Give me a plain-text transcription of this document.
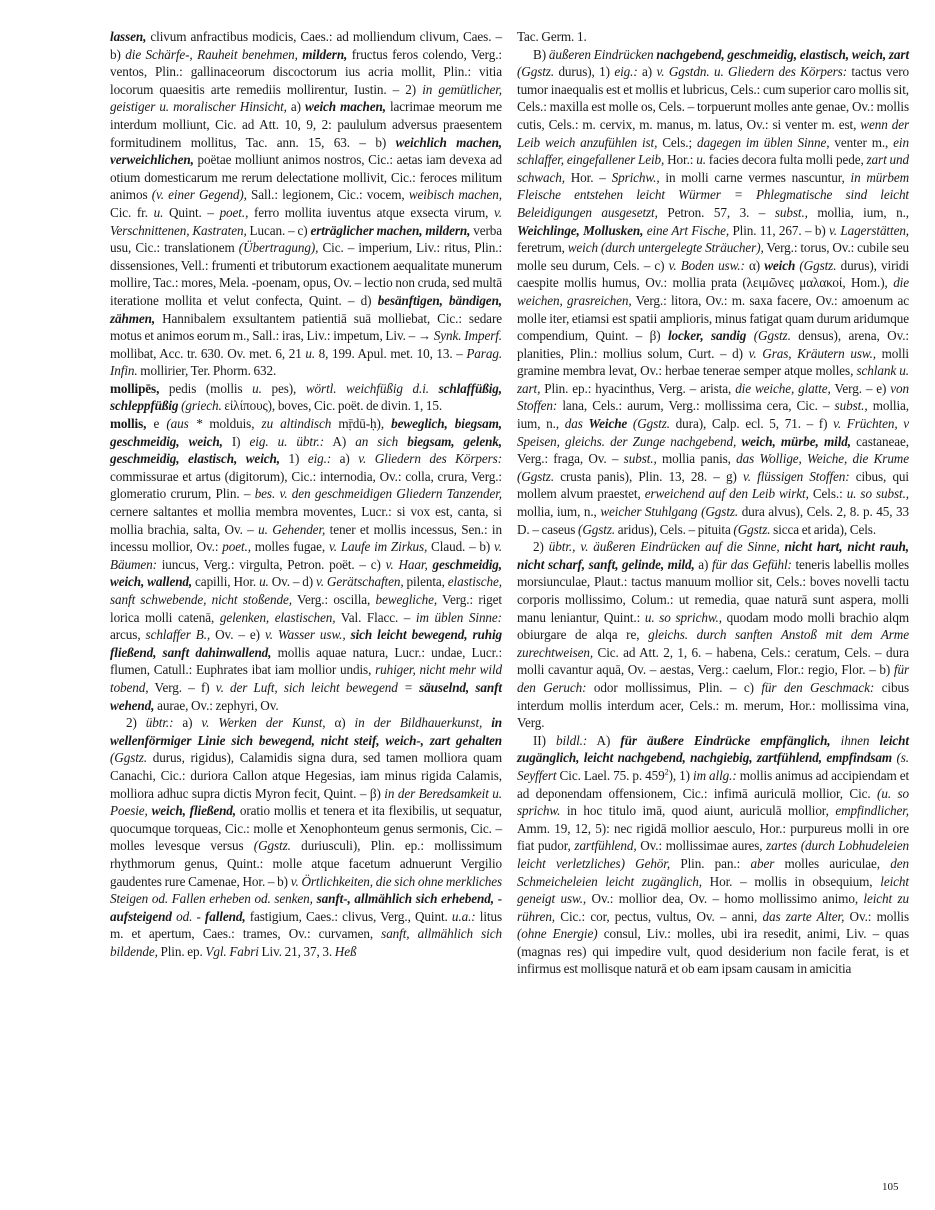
lassen, clivum anfractibus modicis, Caes.: ad molliendum clivum, Caes. – b) die Schärfe-, Rauheit benehmen, mildern, fructus feros colendo, Verg.: ventos, Plin.: gallinaceorum discoctorum ius acria mollit, Plin.: vitia locorum quaesitis arte remediis mollirentur, Iustin. – 2) in gemütlicher, geistiger u. moralischer Hinsicht, a) weich machen, lacrimae meorum me interdum molliunt, Cic. ad Att. 10, 9, 2: paululum adversus praesentem formitudinem mollitus, Tac. ann. 15, 63. – b) weichlich machen, verweichlichen, poëtae molliunt animos nostros, Cic.: aetas iam devexa ad otium domesticarum me rerum delectatione mollivit, Cic.: feroces militum animos (v. einer Gegend), Sall.: legionem, Cic.: vocem, weibisch machen, Cic. fr. u. Quint. – poet., ferro mollita iuventus atque exsecta virum, v. Verschnittenen, Kastraten, Lucan. – c) erträglicher machen, mildern, verba usu, Cic.: translationem (Übertragung), Cic. – imperium, Liv.: ritus, Plin.: dissensiones, Vell.: frumenti et tributorum exactionem aequalitate munerum mollire, Tac.: mores, Mela. -poenam, opus, Ov. – lectio non cruda, sed multā iteratione mollita et velut confecta, Quint. – d) besänftigen, bändigen, zähmen, Hannibalem exsultantem patientiā suā molliebat, Cic.: sedare motus et animos eorum m., Sall.: iras, Liv.: impetum, Liv. – → Synk. Imperf. mollibat, Acc. tr. 630. Ov. met. 6, 21 u. 8, 199. Apul. met. 10, 13. – Parag. Infin. mollirier, Ter. Phorm. 632.

mollipēs, pedis (mollis u. pes), wörtl. weichfüßig d.i. schlaffüßig, schleppfüßig (griech. εἰλίπους), boves, Cic. poët. de divin. 1, 15.

mollis, e (aus * molduis, zu altindisch mṝdū-ḥ), beweglich, biegsam, geschmeidig, weich, I) eig. u. übtr.: A) an sich biegsam, gelenk, geschmeidig, elastisch, weich, 1) eig.: a) v. Gliedern des Körpers: commissurae et artus (digitorum), Cic.: internodia, Ov.: colla, crura, Verg.: glomeratio crurum, Plin. – bes. v. den geschmeidigen Gliedern Tanzender, cernere saltantes et mollia membra moventes, Lucr.: si vox est, canta, si mollia brachia, salta, Ov. – u. Gehender, tener et mollis incessus, Sen.: in incessu mollior, Ov.: poet., molles fugae, v. Laufe im Zirkus, Claud. – b) v. Bäumen: iuncus, Verg.: virgulta, Petron. poët. – c) v. Haar, geschmeidig, weich, wallend, capilli, Hor. u. Ov. – d) v. Gerätschaften, pilenta, elastische, sanft schwebende, nicht stoßende, Verg.: oscilla, bewegliche, Verg.: riget lorica molli catenā, gelenken, elastischen, Val. Flacc. – im üblen Sinne: arcus, schlaffer B., Ov. – e) v. Wasser usw., sich leicht bewegend, ruhig fließend, sanft dahinwallend, mollis aquae natura, Lucr.: undae, Lucr.: flumen, Catull.: Euphrates ibat iam mollior undis, ruhiger, nicht mehr wild tobend, Verg. – f) v. der Luft, sich leicht bewegend = säuselnd, sanft wehend, aurae, Ov.: zephyri, Ov.

2) übtr.: a) v. Werken der Kunst, α) in der Bildhauerkunst, in wellenförmiger Linie sich bewegend, nicht steif, weich-, zart gehalten (Ggstz. durus, rigidus), Calamidis signa dura, sed tamen molliora quam Canachi, Cic.: duriora Callon atque Hegesias, iam minus rigida Calamis, molliora adhuc supra dictis Myron fecit, Quint. – β) in der Beredsamkeit u. Poesie, weich, fließend, oratio mollis et tenera et ita flexibilis, ut sequatur, quocumque torqueas, Cic.: molle et Xenophonteum genus sermonis, Cic. – molles levesque versus (Ggstz. duriusculi), Plin. ep.: mollissimum rhythmorum genus, Quint.: molle atque facetum adnuerunt Vergilio gaudentes rure Camenae, Hor. – b) v. Örtlichkeiten, die sich ohne merkliches Steigen od. Fallen erheben od. senken, sanft-, allmählich sich erhebend, -aufsteigend od. - fallend, fastigium, Caes.: clivus, Verg., Quint. u.a.: litus m. et apertum, Caes.: trames, Ov.: curvamen, sanft, allmählich sich bildende, Plin. ep. Vgl. Fabri Liv. 21, 37, 3. Heß

Tac. Germ. 1.

B) äußeren Eindrücken nachgebend, geschmeidig, elastisch, weich, zart (Ggstz. durus), 1) eig.: a) v. Ggstdn. u. Gliedern des Körpers: tactus vero tumor inaequalis est et mollis et lubricus, Cels.: cum superior caro mollis sit, Cels.: maxilla est molle os, Cels. – torpuerunt molles ante genae, Ov.: mollis cutis, Cels.: m. cervix, m. manus, m. latus, Ov.: si venter m. est, wenn der Leib weich anzufühlen ist, Cels.; dagegen im üblen Sinne, venter m., ein schlaffer, eingefallener Leib, Hor.: u. facies decora fulta molli pede, zart und schwach, Hor. – Sprichw., in molli carne vermes nascuntur, in mürbem Fleische entstehen leicht Würmer = Phlegmatische sind leicht Beleidigungen ausgesetzt, Petron. 57, 3. – subst., mollia, ium, n., Weichlinge, Mollusken, eine Art Fische, Plin. 11, 267. – b) v. Lagerstätten, feretrum, weich (durch untergelegte Sträucher), Verg.: torus, Ov.: cubile seu molle seu durum, Cels. – c) v. Boden usw.: α) weich (Ggstz. durus), viridi caespite mollis humus, Ov.: mollia prata (λειμῶνες μαλακοί, Hom.), die weichen, grasreichen, Verg.: litora, Ov.: m. saxa facere, Ov.: amoenum ac molle iter, etiamsi est spatii amplioris, minus fatigat quam durum aridumque compendium, Quint. – β) locker, sandig (Ggstz. densus), arena, Ov.: planities, Plin.: mollius solum, Curt. – d) v. Gras, Kräutern usw., molli gramine membra levat, Ov.: herbae tenerae semper atque molles, schlank u. zart, Plin. ep.: hyacinthus, Verg. – arista, die weiche, glatte, Verg. – e) von Stoffen: lana, Cels.: aurum, Verg.: mollissima cera, Cic. – subst., mollia, ium, n., das Weiche (Ggstz. dura), Calp. ecl. 5, 71. – f) v. Früchten, v Speisen, gleichs. der Zunge nachgebend, weich, mürbe, mild, castaneae, Verg.: fraga, Ov. – subst., mollia panis, das Wollige, Weiche, die Krume (Ggstz. crusta panis), Plin. 13, 28. – g) v. flüssigen Stoffen: cibus, qui mollem alvum praestet, erweichend auf den Leib wirkt, Cels.: u. so subst., mollia, ium, n., weicher Stuhlgang (Ggstz. dura alvus), Cels. 2, 8. p. 45, 33 D. – caseus (Ggstz. aridus), Cels. – pituita (Ggstz. sicca et arida), Cels.

2) übtr., v. äußeren Eindrücken auf die Sinne, nicht hart, nicht rauh, nicht scharf, sanft, gelinde, mild, a) für das Gefühl: teneris labellis molles morsiunculae, Plaut.: tactus manuum mollior sit, Cels.: boves novelli tactu corporis mollissimo, Colum.: ut remedia, quae naturā sunt aspera, molli manu leniantur, Quint.: u. so sprichw., quodam modo molli brachio alqm obiurgare de alqa re, gleichs. durch sanften Anstoß mit dem Arme zurechtweisen, Cic. ad Att. 2, 1, 6. – habena, Cels.: ceratum, Cels. – dura molli cavantur aquā, Ov. – aestas, Verg.: caelum, Flor.: regio, Flor. – b) für den Geruch: odor mollissimus, Plin. – c) für den Geschmack: cibus interdum mollis interdum acer, Cels.: m. merum, Hor.: mollissima vina, Verg.

II) bildl.: A) für äußere Eindrücke empfänglich, ihnen leicht zugänglich, leicht nachgebend, nachgiebig, zartfühlend, empfindsam (s. Seyffert Cic. Lael. 75. p. $459^2$), 1) im allg.: mollis animus ad accipiendam et ad deponendam offensionem, Cic.: infimā auriculā mollior, Cic. (u. so sprichw. in hoc titulo imā, quod aiunt, auriculā mollior, empfindlicher, Amm. 19, 12, 5): nec rigidā mollior aesculo, Hor.: purpureus molli in ore fiat pudor, zartfühlend, Ov.: mollissimae aures, zartes (durch Lobhudeleien leicht verletzliches) Gehör, Plin. pan.: aber molles auriculae, den Schmeicheleien leicht zugänglich, Hor. – mollis in obsequium, leicht geneigt usw., Ov.: mollior dea, Ov. – homo mollissimo animo, leicht zu rühren, Cic.: cor, pectus, vultus, Ov. – anni, das zarte Alter, Ov.: mollis (ohne Energie) consul, Liv.: molles, ubi ira resedit, animi, Liv. – quas (magnas res) qui impedire vult, quod desiderium non facile ferat, is et infirmus est mollisque naturā et ob eam ipsam causam in amicitia

105
